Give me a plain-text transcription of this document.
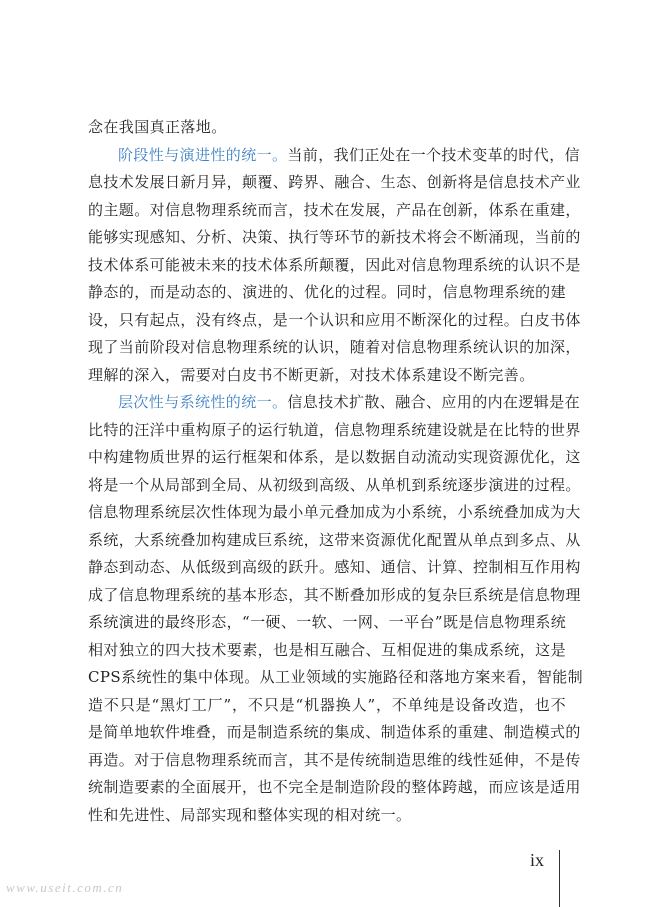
念在我国真正落地。
阶段性与演进性的统一。当前，我们正处在一个技术变革的时代，信
息技术发展日新月异，颠覆、跨界、融合、生态、创新将是信息技术产业
的主题。对信息物理系统而言，技术在发展，产品在创新，体系在重建，
能够实现感知、分析、决策、执行等环节的新技术将会不断涌现，当前的
技术体系可能被未来的技术体系所颠覆，因此对信息物理系统的认识不是
静态的，而是动态的、演进的、优化的过程。同时，信息物理系统的建
设，只有起点，没有终点，是一个认识和应用不断深化的过程。白皮书体
现了当前阶段对信息物理系统的认识，随着对信息物理系统认识的加深，
理解的深入，需要对白皮书不断更新，对技术体系建设不断完善。
层次性与系统性的统一。信息技术扩散、融合、应用的内在逻辑是在
比特的汪洋中重构原子的运行轨道，信息物理系统建设就是在比特的世界
中构建物质世界的运行框架和体系，是以数据自动流动实现资源优化，这
将是一个从局部到全局、从初级到高级、从单机到系统逐步演进的过程。
信息物理系统层次性体现为最小单元叠加成为小系统，小系统叠加成为大
系统，大系统叠加构建成巨系统，这带来资源优化配置从单点到多点、从
静态到动态、从低级到高级的跃升。感知、通信、计算、控制相互作用构
成了信息物理系统的基本形态，其不断叠加形成的复杂巨系统是信息物理
系统演进的最终形态，“一硬、一软、一网、一平台”既是信息物理系统
相对独立的四大技术要素，也是相互融合、互相促进的集成系统，这是
CPS系统性的集中体现。从工业领域的实施路径和落地方案来看，智能制
造不只是“黑灯工厂”，不只是“机器换人”，不单纯是设备改造，也不
是简单地软件堆叠，而是制造系统的集成、制造体系的重建、制造模式的
再造。对于信息物理系统而言，其不是传统制造思维的线性延伸，不是传
统制造要素的全面展开，也不完全是制造阶段的整体跨越，而应该是适用
性和先进性、局部实现和整体实现的相对统一。
ix
www.useit.com.cn
